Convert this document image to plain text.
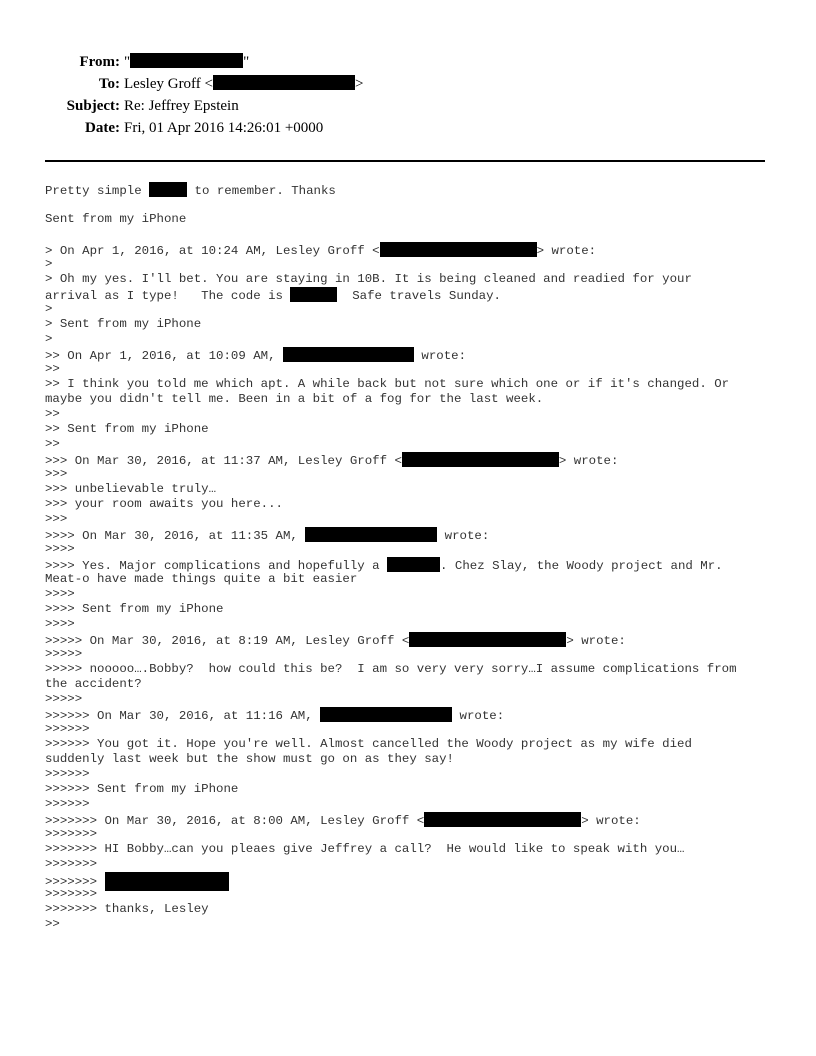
From: "	"
To: Lesley Groff <	>
Subject: Re: Jeffrey Epstein
Date: Fri, 01 Apr 2016 14:26:01 +0000
Pretty simple	to remember. Thanks
Sent from my iPhone
> On Apr 1, 2016, at 10:24 AM, Lesley Groff <	> wrote:
>
> Oh my yes. I'll bet. You are staying in 10B. It is being cleaned and readied for your
arrival as I type!   The code is	Safe travels Sunday.
>
> Sent from my iPhone
>
>> On Apr 1, 2016, at 10:09 AM,	wrote:
>>
>> I think you told me which apt. A while back but not sure which one or if it's changed. Or
maybe you didn't tell me. Been in a bit of a fog for the last week.
>>
>> Sent from my iPhone
>>
>>> On Mar 30, 2016, at 11:37 AM, Lesley Groff <	> wrote:
>>>
>>> unbelievable truly…
>>> your room awaits you here...
>>>
>>>> On Mar 30, 2016, at 11:35 AM,	wrote:
>>>>
>>>> Yes. Major complications and hopefully a	. Chez Slay, the Woody project and Mr.
Meat-o have made things quite a bit easier
>>>>
>>>> Sent from my iPhone
>>>>
>>>>> On Mar 30, 2016, at 8:19 AM, Lesley Groff <	> wrote:
>>>>>
>>>>> nooooo….Bobby?  how could this be?  I am so very very sorry…I assume complications from
the accident?
>>>>>
>>>>>> On Mar 30, 2016, at 11:16 AM,	wrote:
>>>>>>
>>>>>> You got it. Hope you're well. Almost cancelled the Woody project as my wife died
suddenly last week but the show must go on as they say!
>>>>>>
>>>>>> Sent from my iPhone
>>>>>>
>>>>>>> On Mar 30, 2016, at 8:00 AM, Lesley Groff <	> wrote:
>>>>>>>
>>>>>>> HI Bobby…can you pleaes give Jeffrey a call?  He would like to speak with you…
>>>>>>>
>>>>>>>
>>>>>>>
>>>>>>> thanks, Lesley
>>
